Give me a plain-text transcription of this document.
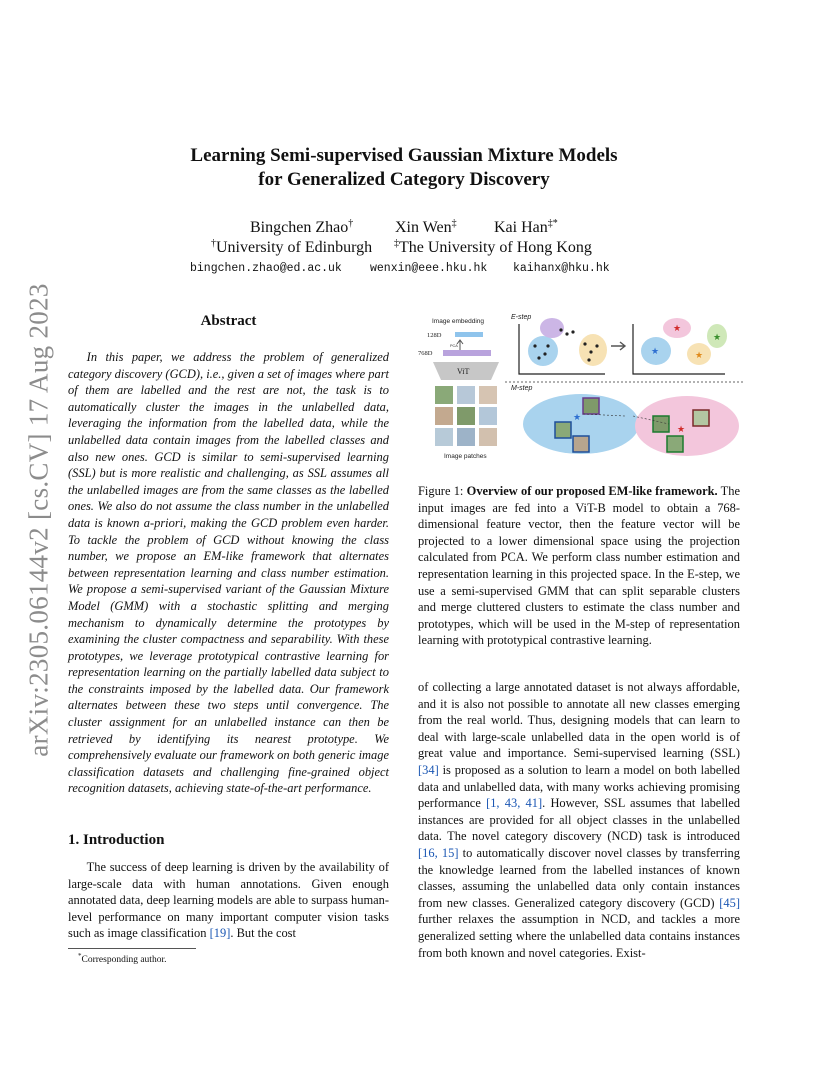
arXiv:2305.06144v2 [cs.CV] 17 Aug 2023
Learning Semi-supervised Gaussian Mixture Models
for Generalized Category Discovery
Bingchen Zhao†	Xin Wen‡ Kai Han‡*
†University of Edinburgh ‡The University of Hong Kong
bingchen.zhao@ed.ac.uk wenxin@eee.hku.hk kaihanx@hku.hk
Abstract

In this paper, we address the problem of generalized category discovery (GCD), i.e., given a set of images where part of them are labelled and the rest are not, the task is to automatically cluster the images in the unlabelled data, leveraging the information from the labelled data, while the unlabelled data contain images from the labelled classes and also new ones. GCD is similar to semi-supervised learning (SSL) but is more realistic and challenging, as SSL assumes all the unlabelled images are from the same classes as the labelled ones. We also do not assume the class number in the unlabelled data is known a-priori, making the GCD problem even harder. To tackle the problem of GCD without knowing the class number, we propose an EM-like framework that alternates between representation learning and class number estimation. We propose a semi-supervised variant of the Gaussian Mixture Model (GMM) with a stochastic splitting and merging mechanism to dynamically determine the prototypes by examining the cluster compactness and separability. With these prototypes, we leverage prototypical contrastive learning for representation learning on the partially labelled data subject to the constraints imposed by the labelled data. Our framework alternates between these two steps until convergence. The cluster assignment for an unlabelled instance can then be retrieved by identifying its nearest prototype. We comprehensively evaluate our framework on both generic image classification datasets and challenging fine-grained object recognition datasets, achieving state-of-the-art performance.

1. Introduction

The success of deep learning is driven by the availability of large-scale data with human annotations. Given enough annotated data, deep learning models are able to surpass human-level performance on many important computer vision tasks such as image classification [19]. But the cost

*Corresponding author.
Image embedding
128D
PCA
768D
ViT
Image patches
E-step
★
★
★
★
M-step
★
★
Figure 1: Overview of our proposed EM-like framework. The input images are fed into a ViT-B model to obtain a 768-dimensional feature vector, then the feature vector will be projected to a lower dimensional space using the projection calculated from PCA. We perform class number estimation and representation learning in this projected space. In the E-step, we use a semi-supervised GMM that can split separable clusters and merge cluttered clusters to estimate the class number and prototypes, which will be used in the M-step of representation learning with prototypical contrastive learning.
of collecting a large annotated dataset is not always affordable, and it is also not possible to annotate all new classes emerging from the real world. Thus, designing models that can learn to deal with large-scale unlabelled data in the open world is of great value and importance. Semi-supervised learning (SSL) [34] is proposed as a solution to learn a model on both labelled data and unlabelled data, with many works achieving promising performance [1, 43, 41]. However, SSL assumes that labelled instances are provided for all object classes in the unlabelled data. The novel category discovery (NCD) task is introduced [16, 15] to automatically discover novel classes by transferring the knowledge learned from the labelled instances of known classes, assuming the unlabelled data only contain instances from new classes. Generalized category discovery (GCD) [45] further relaxes the assumption in NCD, and tackles a more generalized setting where the unlabelled data contains instances from both known and novel categories. Exist-
